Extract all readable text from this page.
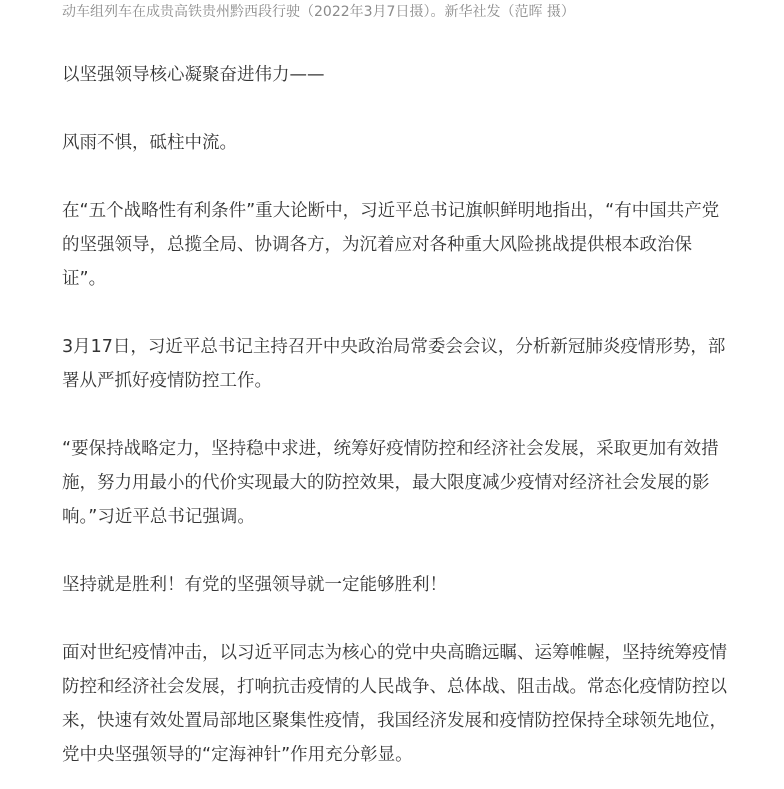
动车组列车在成贵高铁贵州黔西段行驶（2022年3月7日摄）。新华社发（范晖 摄）

以坚强领导核心凝聚奋进伟力——

风雨不惧，砥柱中流。

在“五个战略性有利条件”重大论断中，习近平总书记旗帜鲜明地指出，“有中国共产党的坚强领导，总揽全局、协调各方，为沉着应对各种重大风险挑战提供根本政治保证”。

3月17日，习近平总书记主持召开中央政治局常委会会议，分析新冠肺炎疫情形势，部署从严抓好疫情防控工作。

“要保持战略定力，坚持稳中求进，统筹好疫情防控和经济社会发展，采取更加有效措施，努力用最小的代价实现最大的防控效果，最大限度减少疫情对经济社会发展的影响。”习近平总书记强调。

坚持就是胜利！有党的坚强领导就一定能够胜利！

面对世纪疫情冲击，以习近平同志为核心的党中央高瞻远瞩、运筹帷幄，坚持统筹疫情防控和经济社会发展，打响抗击疫情的人民战争、总体战、阻击战。常态化疫情防控以来，快速有效处置局部地区聚集性疫情，我国经济发展和疫情防控保持全球领先地位，党中央坚强领导的“定海神针”作用充分彰显。
